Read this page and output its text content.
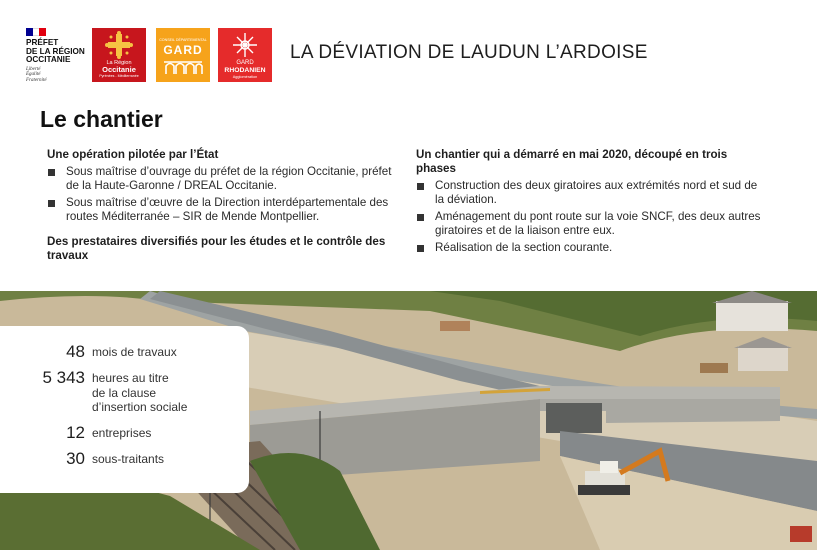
PRÉFET
DE LA RÉGION
OCCITANIE
Liberté
Égalité
Fraternité
La Région
Occitanie
Pyrénées - Méditerranée
CONSEIL DÉPARTEMENTAL
GARD
GARD
RHODANIEN
Agglomération
LA DÉVIATION DE LAUDUN L’ARDOISE
Le chantier
Une opération pilotée par l’État
Sous maîtrise d’ouvrage du préfet de la région Occitanie, préfet de la Haute-Garonne / DREAL Occitanie.
Sous maîtrise d’œuvre de la Direction interdépartementale des routes Méditerranée – SIR de Mende Montpellier.
Des prestataires diversifiés pour les études et le contrôle des travaux
Un chantier qui a démarré en mai 2020, découpé en trois phases
Construction des deux giratoires aux extrémités nord et sud de la déviation.
Aménagement du pont route sur la voie SNCF, des deux autres giratoires et de la liaison entre eux.
Réalisation de la section courante.
48 mois de travaux
5 343 heures au titre
de la clause
d’insertion sociale
12 entreprises
30 sous-traitants
